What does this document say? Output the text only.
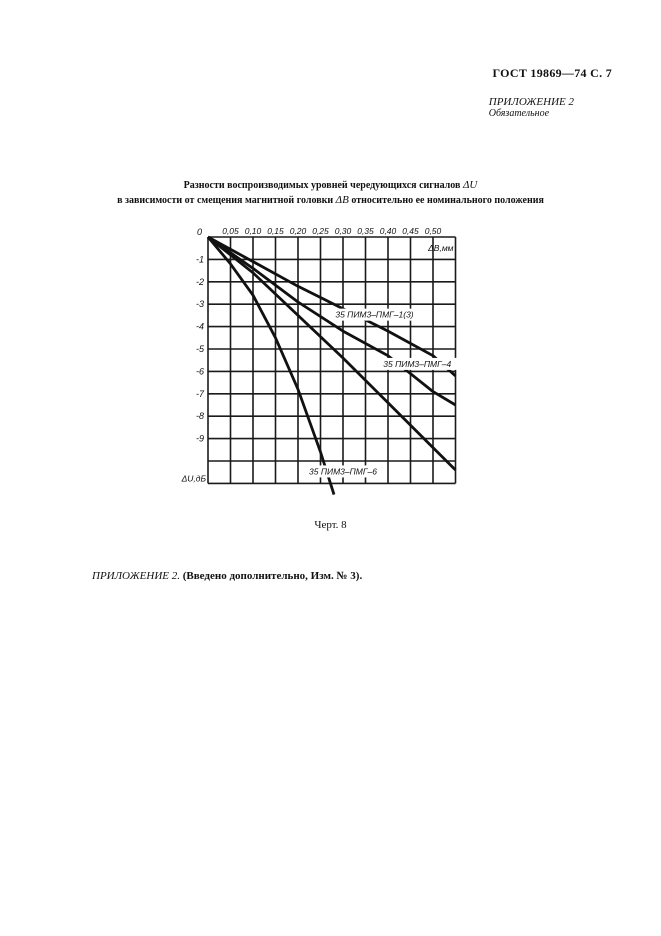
ГОСТ 19869—74 С. 7
ПРИЛОЖЕНИЕ 2
Обязательное
Разности воспроизводимых уровней чередующихся сигналов ΔU
в зависимости от смещения магнитной головки ΔB относительно ее номинального положения
0 0,05 0,10 0,15 0,20 0,25 0,30 0,35 0,40 0,45 0,50
ΔB,мм
-1
-2
-3
-4
-5
-6
-7
-8
-9
ΔU,дБ
35 ПИМ3–ПМГ–1(3)
35 ПИМ3–ПМГ–4
35 ПИМ3–ПМГ–6
Черт. 8
ПРИЛОЖЕНИЕ 2. (Введено дополнительно, Изм. № 3).
